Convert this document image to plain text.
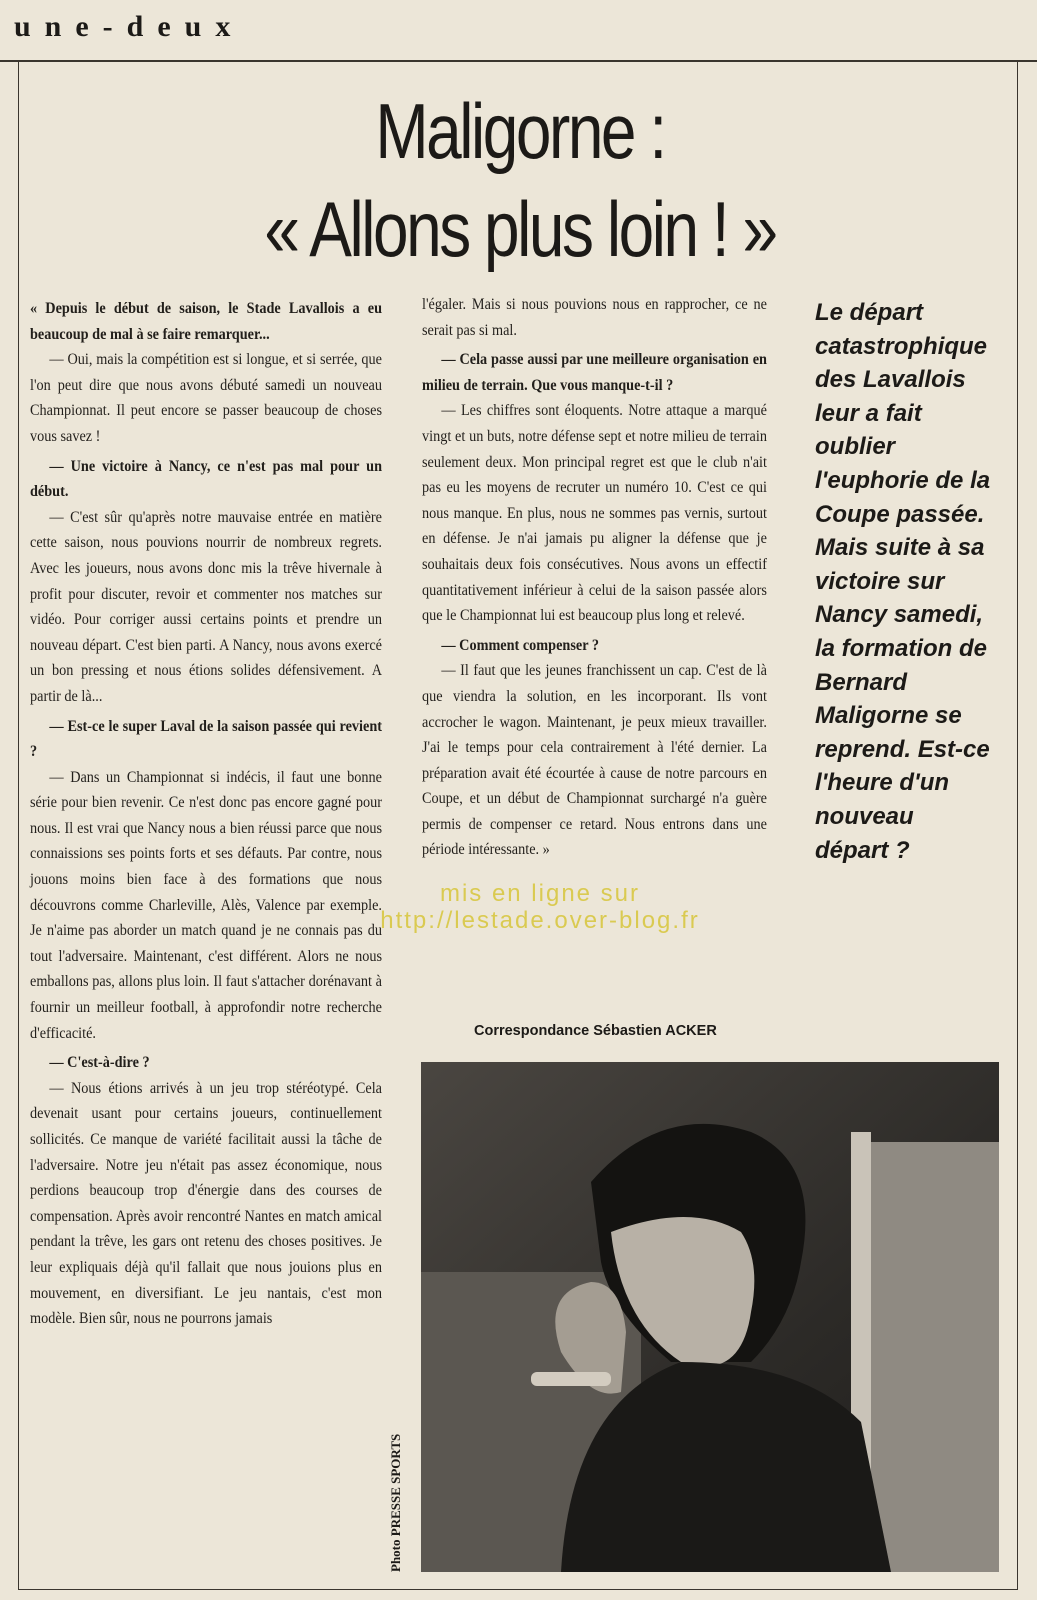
une-deux
Maligorne :
« Allons plus loin ! »

« Depuis le début de saison, le Stade Lavallois a eu beaucoup de mal à se faire remarquer...

— Oui, mais la compétition est si longue, et si serrée, que l'on peut dire que nous avons débuté samedi un nouveau Championnat. Il peut encore se passer beaucoup de choses vous savez !

— Une victoire à Nancy, ce n'est pas mal pour un début.

— C'est sûr qu'après notre mauvaise entrée en matière cette saison, nous pouvions nourrir de nombreux regrets. Avec les joueurs, nous avons donc mis la trêve hivernale à profit pour discuter, revoir et commenter nos matches sur vidéo. Pour corriger aussi certains points et prendre un nouveau départ. C'est bien parti. A Nancy, nous avons exercé un bon pressing et nous étions solides défensivement. A partir de là...

— Est-ce le super Laval de la saison passée qui revient ?

— Dans un Championnat si indécis, il faut une bonne série pour bien revenir. Ce n'est donc pas encore gagné pour nous. Il est vrai que Nancy nous a bien réussi parce que nous connaissions ses points forts et ses défauts. Par contre, nous jouons moins bien face à des formations que nous découvrons comme Charleville, Alès, Valence par exemple. Je n'aime pas aborder un match quand je ne connais pas du tout l'adversaire. Maintenant, c'est différent. Alors ne nous emballons pas, allons plus loin. Il faut s'attacher dorénavant à fournir un meilleur football, à approfondir notre recherche d'efficacité.

— C'est-à-dire ?

— Nous étions arrivés à un jeu trop stéréotypé. Cela devenait usant pour certains joueurs, continuellement sollicités. Ce manque de variété facilitait aussi la tâche de l'adversaire. Notre jeu n'était pas assez économique, nous perdions beaucoup trop d'énergie dans des courses de compensation. Après avoir rencontré Nantes en match amical pendant la trêve, les gars ont retenu des choses positives. Je leur expliquais déjà qu'il fallait que nous jouions plus en mouvement, en diversifiant. Le jeu nantais, c'est mon modèle. Bien sûr, nous ne pourrons jamais

l'égaler. Mais si nous pouvions nous en rapprocher, ce ne serait pas si mal.

— Cela passe aussi par une meilleure organisation en milieu de terrain. Que vous manque-t-il ?

— Les chiffres sont éloquents. Notre attaque a marqué vingt et un buts, notre défense sept et notre milieu de terrain seulement deux. Mon principal regret est que le club n'ait pas eu les moyens de recruter un numéro 10. C'est ce qui nous manque. En plus, nous ne sommes pas vernis, surtout en défense. Je n'ai jamais pu aligner la défense que je souhaitais deux fois consécutives. Nous avons un effectif quantitativement inférieur à celui de la saison passée alors que le Championnat lui est beaucoup plus long et relevé.

— Comment compenser ?

— Il faut que les jeunes franchissent un cap. C'est de là que viendra la solution, en les incorporant. Ils vont accrocher le wagon. Maintenant, je peux mieux travailler. J'ai le temps pour cela contrairement à l'été dernier. La préparation avait été écourtée à cause de notre parcours en Coupe, et un début de Championnat surchargé n'a guère permis de compenser ce retard. Nous entrons dans une période intéressante. »

Correspondance Sébastien ACKER
Le départ
catastrophique
des Lavallois
leur a fait
oublier
l'euphorie de la
Coupe passée.
Mais suite à sa
victoire sur
Nancy samedi,
la formation de
Bernard
Maligorne se
reprend. Est-ce
l'heure d'un
nouveau
départ ?
Photo PRESSE SPORTS
mis en ligne sur
http://lestade.over-blog.fr
